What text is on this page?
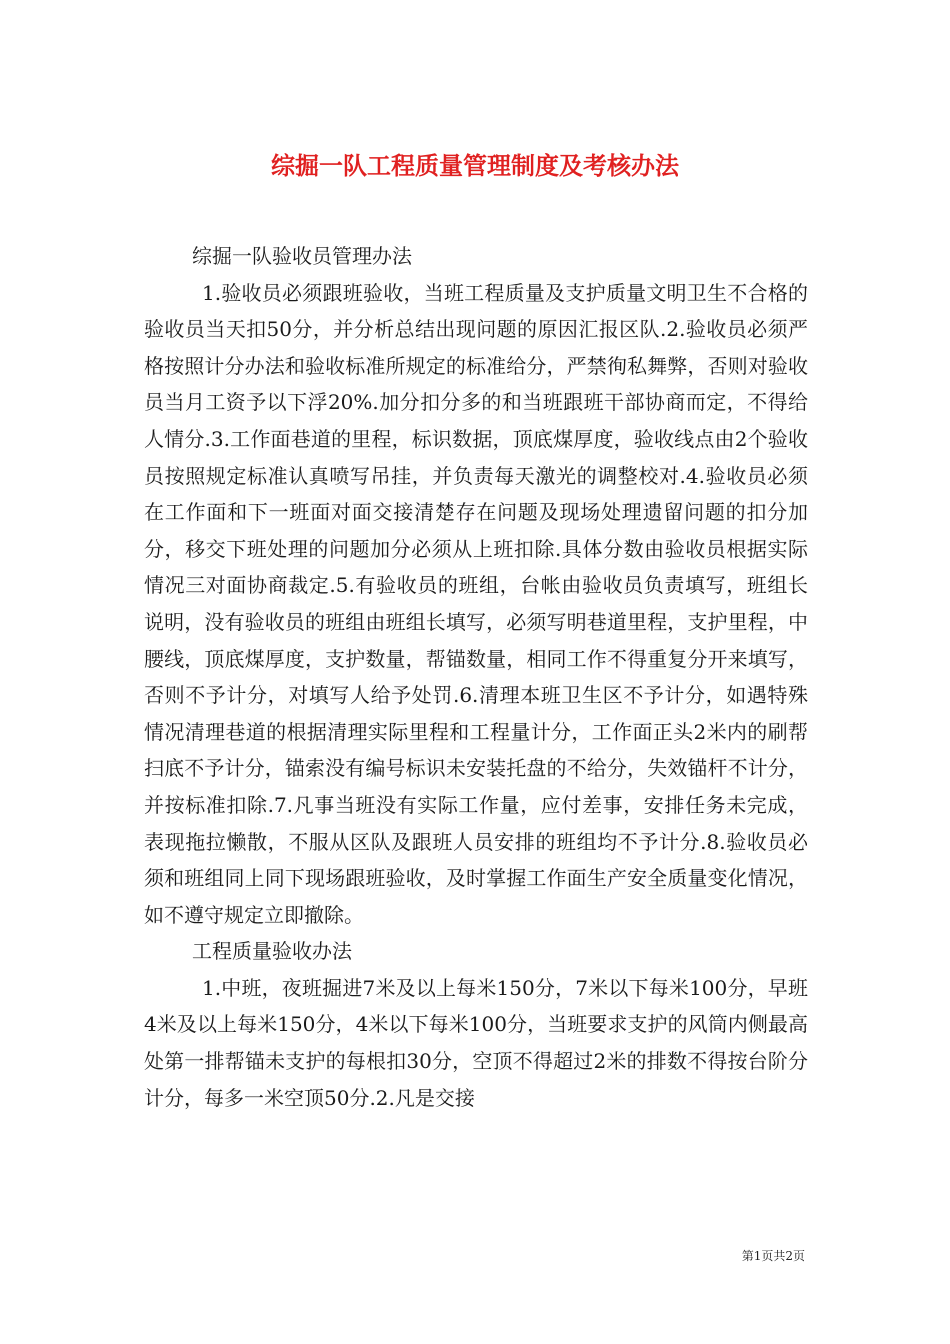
综掘一队工程质量管理制度及考核办法

综掘一队验收员管理办法

1.验收员必须跟班验收，当班工程质量及支护质量文明卫生不合格的验收员当天扣50分，并分析总结出现问题的原因汇报区队.2.验收员必须严格按照计分办法和验收标准所规定的标准给分，严禁徇私舞弊，否则对验收员当月工资予以下浮20%.加分扣分多的和当班跟班干部协商而定，不得给人情分.3.工作面巷道的里程，标识数据，顶底煤厚度，验收线点由2个验收员按照规定标准认真喷写吊挂，并负责每天激光的调整校对.4.验收员必须在工作面和下一班面对面交接清楚存在问题及现场处理遗留问题的扣分加分，移交下班处理的问题加分必须从上班扣除.具体分数由验收员根据实际情况三对面协商裁定.5.有验收员的班组，台帐由验收员负责填写，班组长说明，没有验收员的班组由班组长填写，必须写明巷道里程，支护里程，中腰线，顶底煤厚度，支护数量，帮锚数量，相同工作不得重复分开来填写，否则不予计分，对填写人给予处罚.6.清理本班卫生区不予计分，如遇特殊情况清理巷道的根据清理实际里程和工程量计分，工作面正头2米内的刷帮扫底不予计分，锚索没有编号标识未安装托盘的不给分，失效锚杆不计分，并按标准扣除.7.凡事当班没有实际工作量，应付差事，安排任务未完成，表现拖拉懒散，不服从区队及跟班人员安排的班组均不予计分.8.验收员必须和班组同上同下现场跟班验收，及时掌握工作面生产安全质量变化情况，如不遵守规定立即撤除。

工程质量验收办法

1.中班，夜班掘进7米及以上每米150分，7米以下每米100分，早班4米及以上每米150分，4米以下每米100分，当班要求支护的风筒内侧最高处第一排帮锚未支护的每根扣30分，空顶不得超过2米的排数不得按台阶分计分，每多一米空顶50分.2.凡是交接

第1页共2页
